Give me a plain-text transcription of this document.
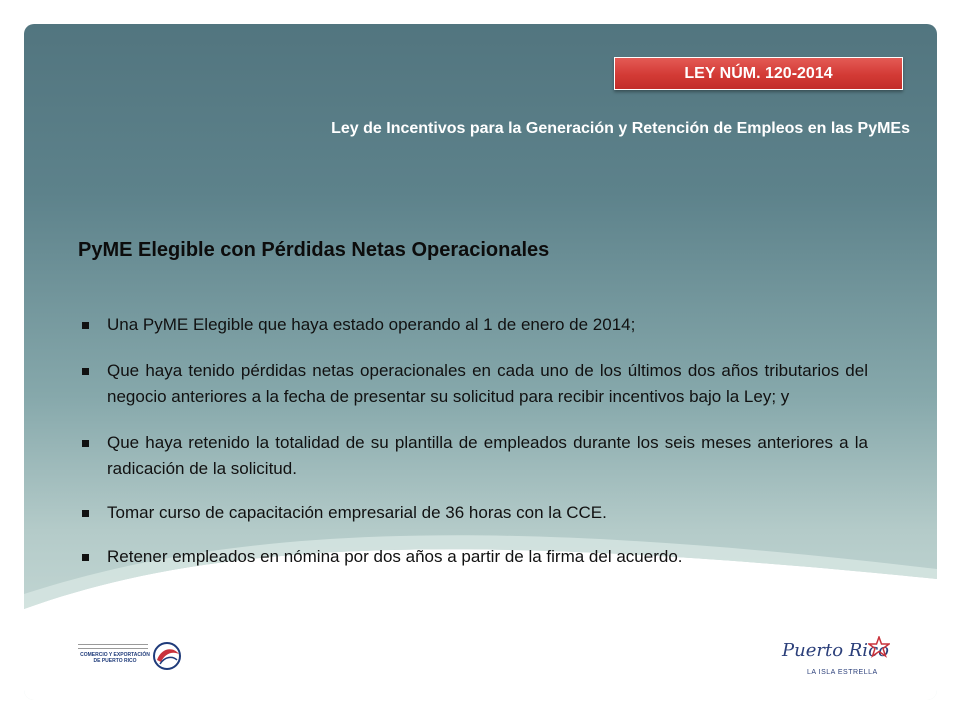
LEY NÚM. 120-2014
Ley de Incentivos para la Generación y Retención de Empleos en las PyMEs
PyME Elegible con Pérdidas Netas Operacionales
Una PyME Elegible que haya estado operando al 1 de enero de 2014;
Que haya tenido pérdidas netas operacionales en cada uno de los últimos dos años tributarios del negocio anteriores a la fecha de presentar su solicitud para recibir incentivos bajo la Ley; y
Que haya retenido la totalidad de su plantilla de empleados durante los seis meses anteriores a la radicación de la solicitud.
Tomar curso de capacitación empresarial de 36 horas con la CCE.
Retener empleados en nómina por dos años a partir de la firma del acuerdo.
COMERCIO Y EXPORTACIÓN DE PUERTO RICO	Puerto Rico
LA ISLA ESTRELLA
